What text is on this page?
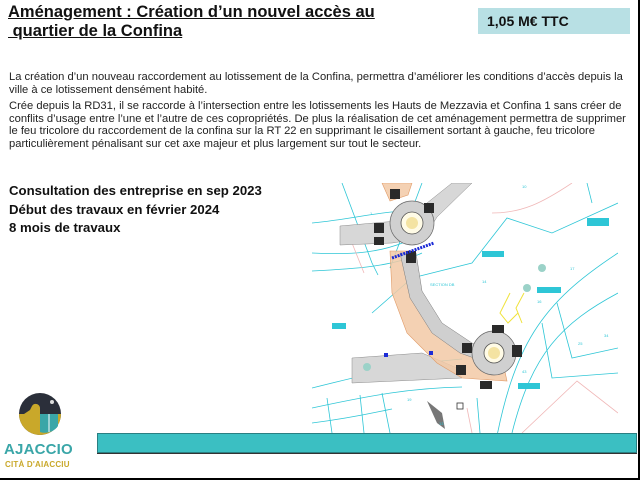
Aménagement : Création d’un nouvel accès au
quartier de la Confina
1,05 M€ TTC

La création d’un nouveau raccordement au lotissement de la Confina, permettra d’améliorer les conditions d’accès depuis la ville à ce lotissement densément habité.

Crée depuis la RD31, il se raccorde à l’intersection entre les lotissements les Hauts de Mezzavia et Confina 1 sans créer de conflits d’usage entre l’une et l’autre de ces copropriétés. De plus la réalisation de cet aménagement permettra de supprimer le feu tricolore du raccordement de la confina sur la RT 22 en supprimant le cisaillement sortant à gauche, feu tricolore particulièrement pénalisant sur cet axe majeur et plus largement sur tout le secteur.

Consultation des entreprise en sep 2023
Début des travaux en février 2024
8 mois de travaux
SECTION DB
14
17
16
25
34
43
19
13
1
10
AJACCIO
CITÀ D'AIACCIU
